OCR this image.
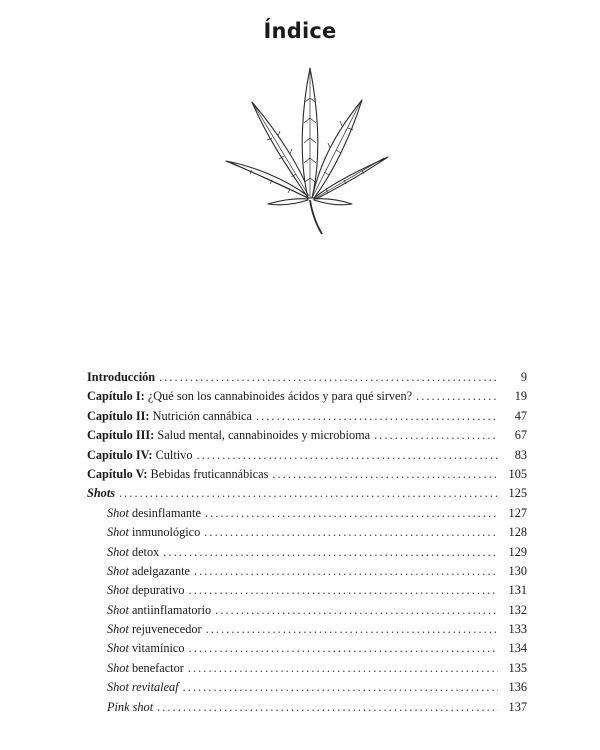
Índice
Introducción . . .	9
Capítulo I: ¿Qué son los cannabinoides ácidos y para qué sirven? . . .	19
Capítulo II: Nutrición cannábica . . .	47
Capítulo III: Salud mental, cannabinoides y microbioma . . .	67
Capítulo IV: Cultivo . . .	83
Capítulo V: Bebidas fruticannábicas . . .	105
Shots . . .	125
Shot desinflamante . . .	127
Shot inmunológico . . .	128
Shot detox . . .	129
Shot adelgazante . . .	130
Shot depurativo . . .	131
Shot antiinflamatorio . . .	132
Shot rejuvenecedor . . .	133
Shot vitamínico . . .	134
Shot benefactor . . .	135
Shot revitaleaf . . .	136
Pink shot . . .	137
